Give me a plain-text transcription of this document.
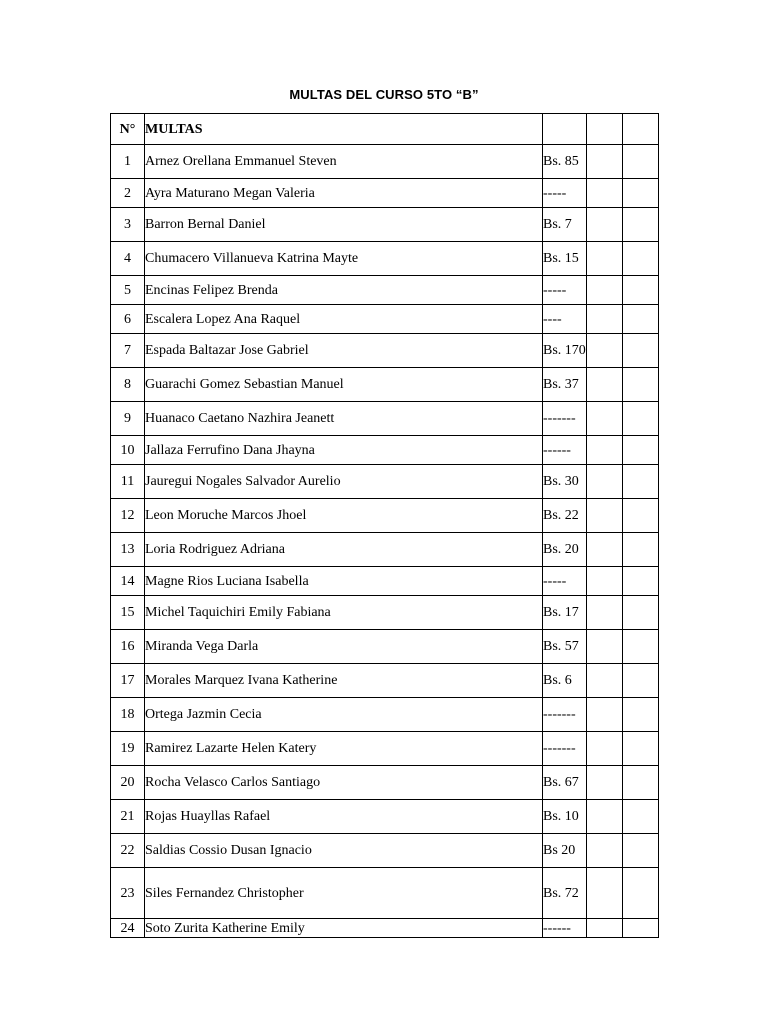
MULTAS DEL CURSO 5TO “B”
N°	MULTAS			
1	Arnez Orellana Emmanuel Steven	Bs. 85		
2	Ayra Maturano Megan Valeria	-----		
3	Barron Bernal Daniel	Bs. 7		
4	Chumacero Villanueva Katrina Mayte	Bs. 15		
5	Encinas Felipez Brenda	-----		
6	Escalera Lopez Ana Raquel	----		
7	Espada Baltazar Jose Gabriel	Bs. 170		
8	Guarachi Gomez Sebastian Manuel	Bs. 37		
9	Huanaco Caetano Nazhira Jeanett	-------		
10	Jallaza Ferrufino Dana Jhayna	------		
11	Jauregui Nogales Salvador Aurelio	Bs. 30		
12	Leon Moruche Marcos Jhoel	Bs. 22		
13	Loria Rodriguez Adriana	Bs. 20		
14	Magne Rios Luciana Isabella	-----		
15	Michel Taquichiri Emily Fabiana	Bs. 17		
16	Miranda Vega Darla	Bs. 57		
17	Morales Marquez Ivana Katherine	Bs. 6		
18	Ortega Jazmin Cecia	-------		
19	Ramirez Lazarte Helen Katery	-------		
20	Rocha Velasco Carlos Santiago	Bs. 67		
21	Rojas Huayllas Rafael	Bs. 10		
22	Saldias Cossio Dusan Ignacio	Bs 20		
23	Siles Fernandez Christopher	Bs. 72		
24	Soto Zurita Katherine Emily	------		
